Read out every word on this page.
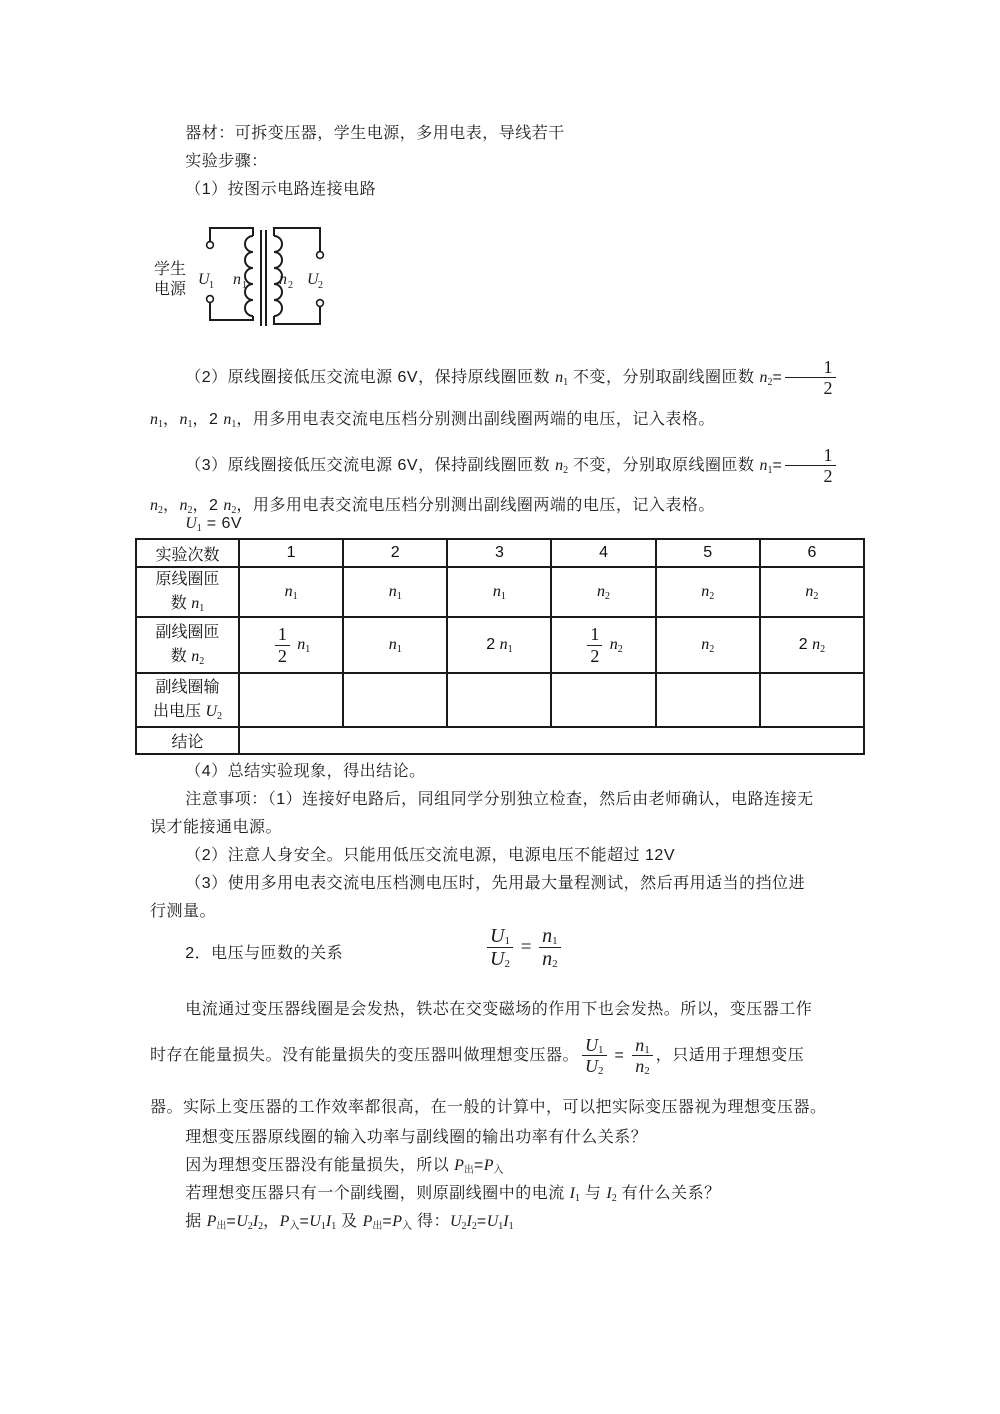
器材：可拆变压器，学生电源，多用电表，导线若干
实验步骤：
（1）按图示电路连接电路
学生
电源
U 1 n 1 n 2 U 2
（2）原线圈接低压交流电源 6V，保持原线圈匝数 $n_1$ 不变，分别取副线圈匝数 $n_2= \frac{1}{2}$
$n_1$，$n_1$，2 $n_1$，用多用电表交流电压档分别测出副线圈两端的电压，记入表格。
（3）原线圈接低压交流电源 6V，保持副线圈匝数 $n_2$ 不变，分别取原线圈匝数 $n_1= \frac{1}{2}$
$n_2$，$n_2$，2 $n_2$，用多用电表交流电压档分别测出副线圈两端的电压，记入表格。
$U_1 = 6V$
实验次数	1	2	3	4	5	6

原线圈匝
数 $n_1$	$n_1$	$n_1$	$n_1$	$n_2$	$n_2$	$n_2$

副线圈匝
数 $n_2$	$\frac{1}{2} n_1$	$n_1$	2 $n_1$	$\frac{1}{2} n_2$	$n_2$	2 $n_2$

副线圈输
出电压 $U_2$

结论						
（4）总结实验现象，得出结论。
注意事项：（1）连接好电路后，同组同学分别独立检查，然后由老师确认，电路连接无
误才能接通电源。
（2）注意人身安全。只能用低压交流电源，电源电压不能超过 12V
（3）使用多用电表交流电压档测电压时，先用最大量程测试，然后再用适当的挡位进
行测量。
2．电压与匝数的关系	$\frac{U_1}{U_2} = \frac{n_1}{n_2}$
电流通过变压器线圈是会发热，铁芯在交变磁场的作用下也会发热。所以，变压器工作
时存在能量损失。没有能量损失的变压器叫做理想变压器。 $\frac{U_1}{U_2} = \frac{n_1}{n_2}$ ，只适用于理想变压
器。实际上变压器的工作效率都很高，在一般的计算中，可以把实际变压器视为理想变压器。
理想变压器原线圈的输入功率与副线圈的输出功率有什么关系？
因为理想变压器没有能量损失，所以 $P_出=P_入$
若理想变压器只有一个副线圈，则原副线圈中的电流 $I_1$ 与 $I_2$ 有什么关系？
据 $P_出=U_2I_2$，$P_入=U_1I_1$ 及 $P_出=P_入$ 得：$U_2I_2=U_1I_1$
